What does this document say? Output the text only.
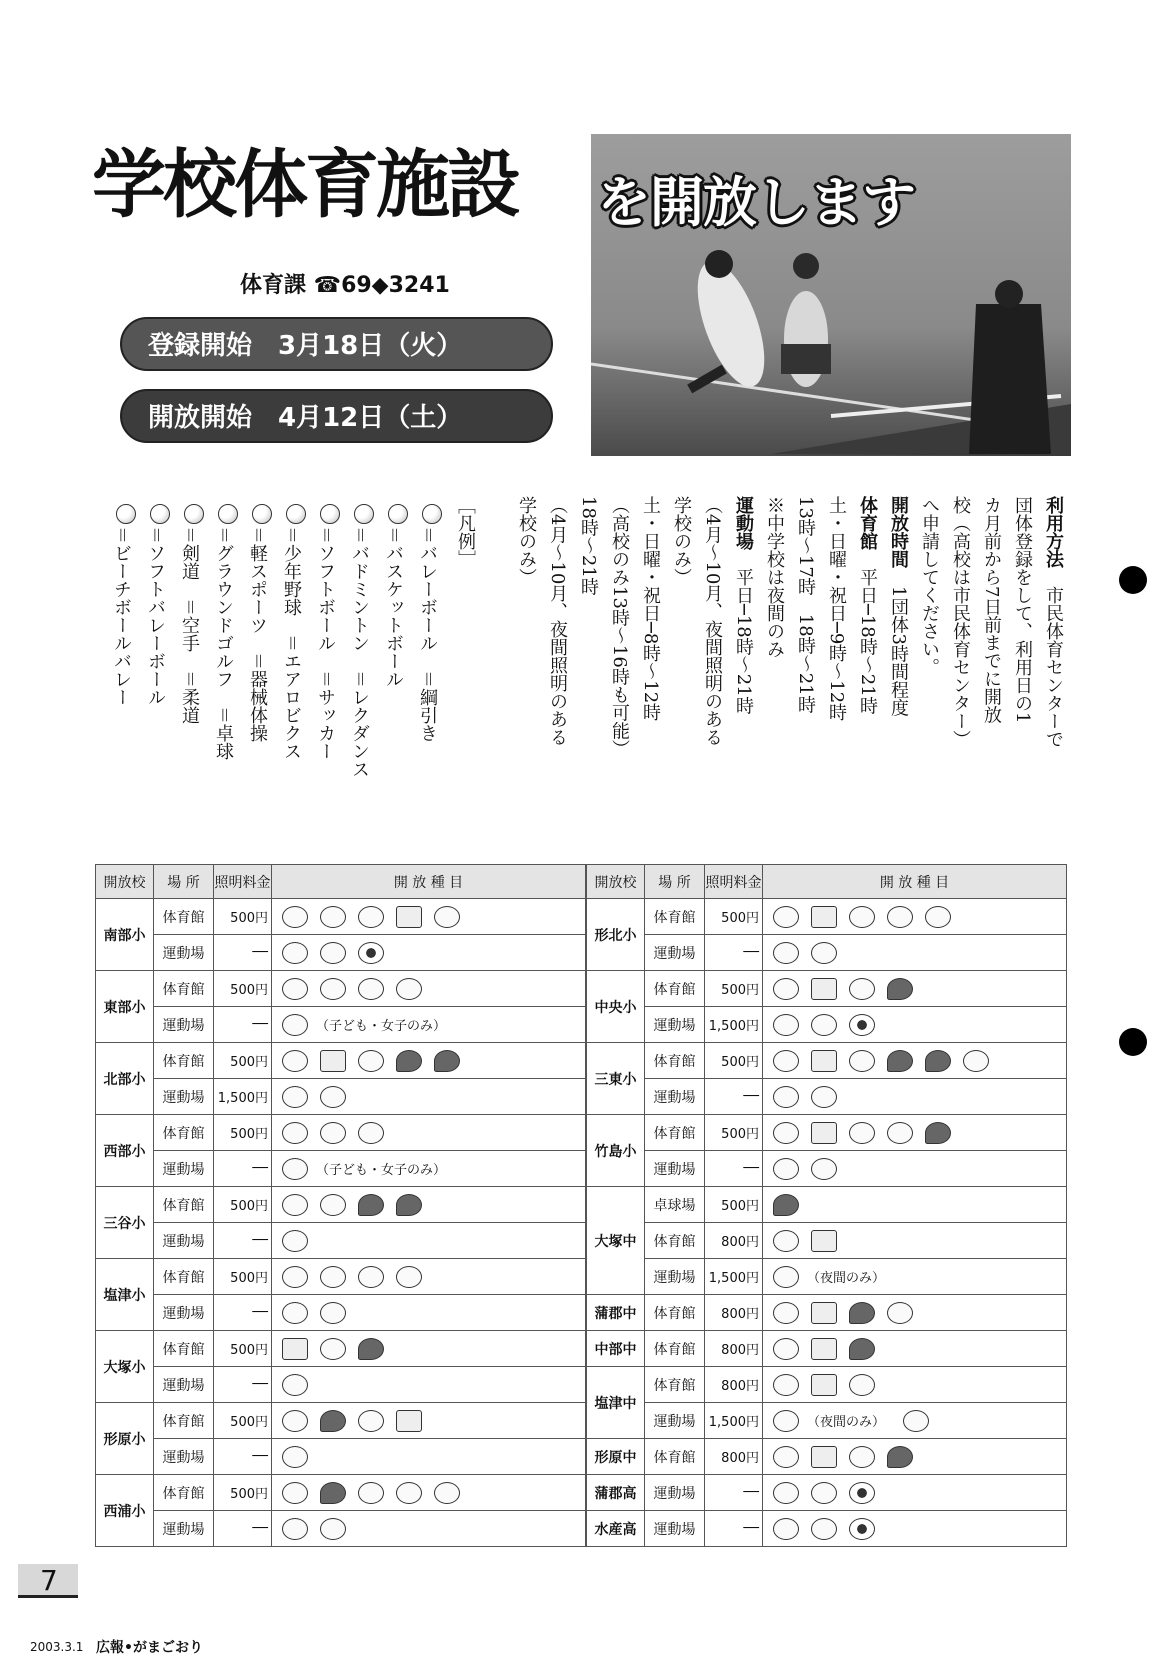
学校体育施設 を開放します
体育課 ☎69◆3241
登録開始　3月18日（火）
開放開始　4月12日（土）
利用方法　市民体育センターで
団体登録をして、利用日の1
カ月前から7日前までに開放
校（高校は市民体育センター）
へ申請してください。
開放時間　1団体3時間程度
体育館　平日─18時～21時
土・日曜・祝日─9時～12時
13時～17時　18時～21時
※中学校は夜間のみ
運動場　平日─18時～21時
（4月～10月、夜間照明のある
学校のみ）
土・日曜・祝日─8時～12時
（高校のみ13時～16時も可能）
18時～21時
（4月～10月、夜間照明のある
学校のみ）
［凡例］
＝バレーボール　＝綱引き
＝バスケットボール
＝バドミントン　＝レクダンス
＝ソフトボール　＝サッカー
＝少年野球　＝エアロビクス
＝軽スポーツ　＝器械体操
＝グラウンドゴルフ　＝卓球
＝剣道　＝空手　＝柔道
＝ソフトバレーボール
＝ビーチボールバレー
開放校	場 所	照明料金	開 放 種 目
南部小	体育館	500円	
	運動場	──	
東部小	体育館	500円	
	運動場	──	（子ども・女子のみ）
北部小	体育館	500円	
	運動場	1,500円	
西部小	体育館	500円	
	運動場	──	（子ども・女子のみ）
三谷小	体育館	500円	
	運動場	──	
塩津小	体育館	500円	
	運動場	──	
大塚小	体育館	500円	
	運動場	──	
形原小	体育館	500円	
	運動場	──	
西浦小	体育館	500円	
	運動場	──	
開放校	場 所	照明料金	開 放 種 目
形北小	体育館	500円	
	運動場	──	
中央小	体育館	500円	
	運動場	1,500円	
三東小	体育館	500円	
	運動場	──	
竹島小	体育館	500円	
	運動場	──	
大塚中	卓球場	500円	
	体育館	800円	
	運動場	1,500円	（夜間のみ）
蒲郡中	体育館	800円	
中部中	体育館	800円	
塩津中	体育館	800円	
	運動場	1,500円	（夜間のみ）
形原中	体育館	800円	
蒲郡高	運動場	──	
水産高	運動場	──	
7
2003.3.1 広報•がまごおり
